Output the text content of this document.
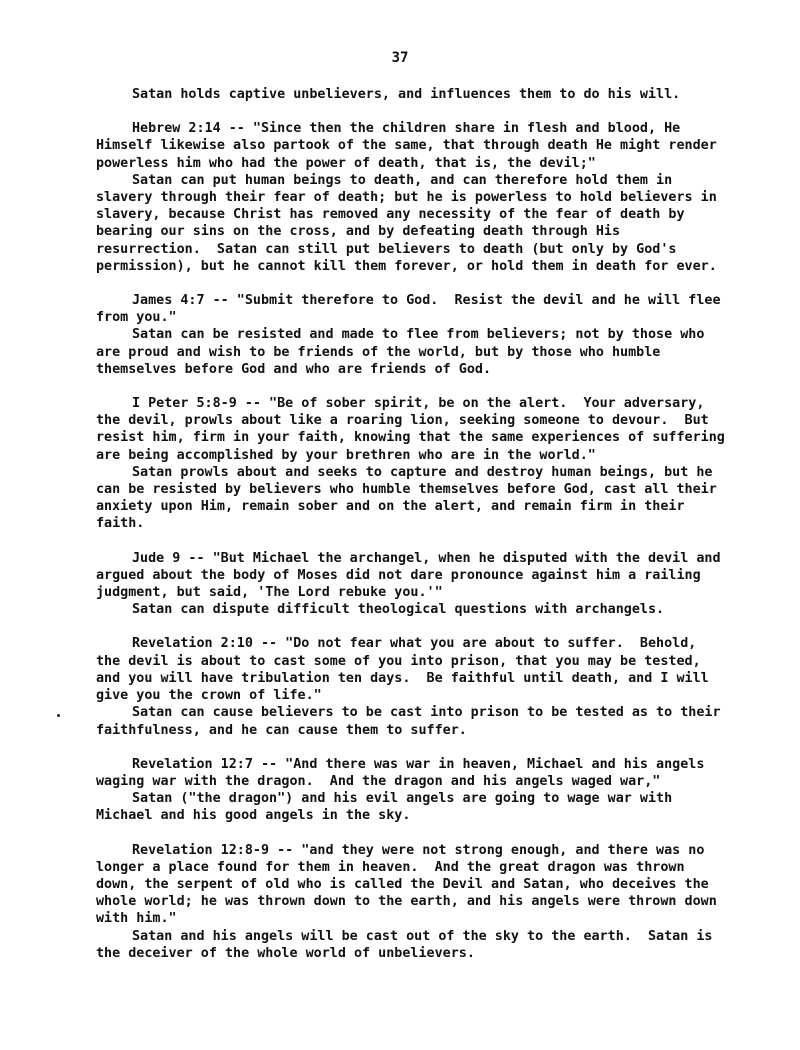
37

Satan holds captive unbelievers, and influences them to do his will.

Hebrew 2:14 -- "Since then the children share in flesh and blood, He Himself likewise also partook of the same, that through death He might render powerless him who had the power of death, that is, the devil;"

Satan can put human beings to death, and can therefore hold them in slavery through their fear of death; but he is powerless to hold believers in slavery, because Christ has removed any necessity of the fear of death by bearing our sins on the cross, and by defeating death through His resurrection.  Satan can still put believers to death (but only by God's permission), but he cannot kill them forever, or hold them in death for ever.

James 4:7 -- "Submit therefore to God.  Resist the devil and he will flee from you."

Satan can be resisted and made to flee from believers; not by those who are proud and wish to be friends of the world, but by those who humble themselves before God and who are friends of God.

I Peter 5:8-9 -- "Be of sober spirit, be on the alert.  Your adversary, the devil, prowls about like a roaring lion, seeking someone to devour.  But resist him, firm in your faith, knowing that the same experiences of suffering are being accomplished by your brethren who are in the world."

Satan prowls about and seeks to capture and destroy human beings, but he can be resisted by believers who humble themselves before God, cast all their anxiety upon Him, remain sober and on the alert, and remain firm in their faith.

Jude 9 -- "But Michael the archangel, when he disputed with the devil and argued about the body of Moses did not dare pronounce against him a railing judgment, but said, 'The Lord rebuke you.'"

Satan can dispute difficult theological questions with archangels.

Revelation 2:10 -- "Do not fear what you are about to suffer.  Behold, the devil is about to cast some of you into prison, that you may be tested, and you will have tribulation ten days.  Be faithful until death, and I will give you the crown of life."

Satan can cause believers to be cast into prison to be tested as to their faithfulness, and he can cause them to suffer.

Revelation 12:7 -- "And there was war in heaven, Michael and his angels waging war with the dragon.  And the dragon and his angels waged war,"

Satan ("the dragon") and his evil angels are going to wage war with Michael and his good angels in the sky.

Revelation 12:8-9 -- "and they were not strong enough, and there was no longer a place found for them in heaven.  And the great dragon was thrown down, the serpent of old who is called the Devil and Satan, who deceives the whole world; he was thrown down to the earth, and his angels were thrown down with him."

Satan and his angels will be cast out of the sky to the earth.  Satan is the deceiver of the whole world of unbelievers.
